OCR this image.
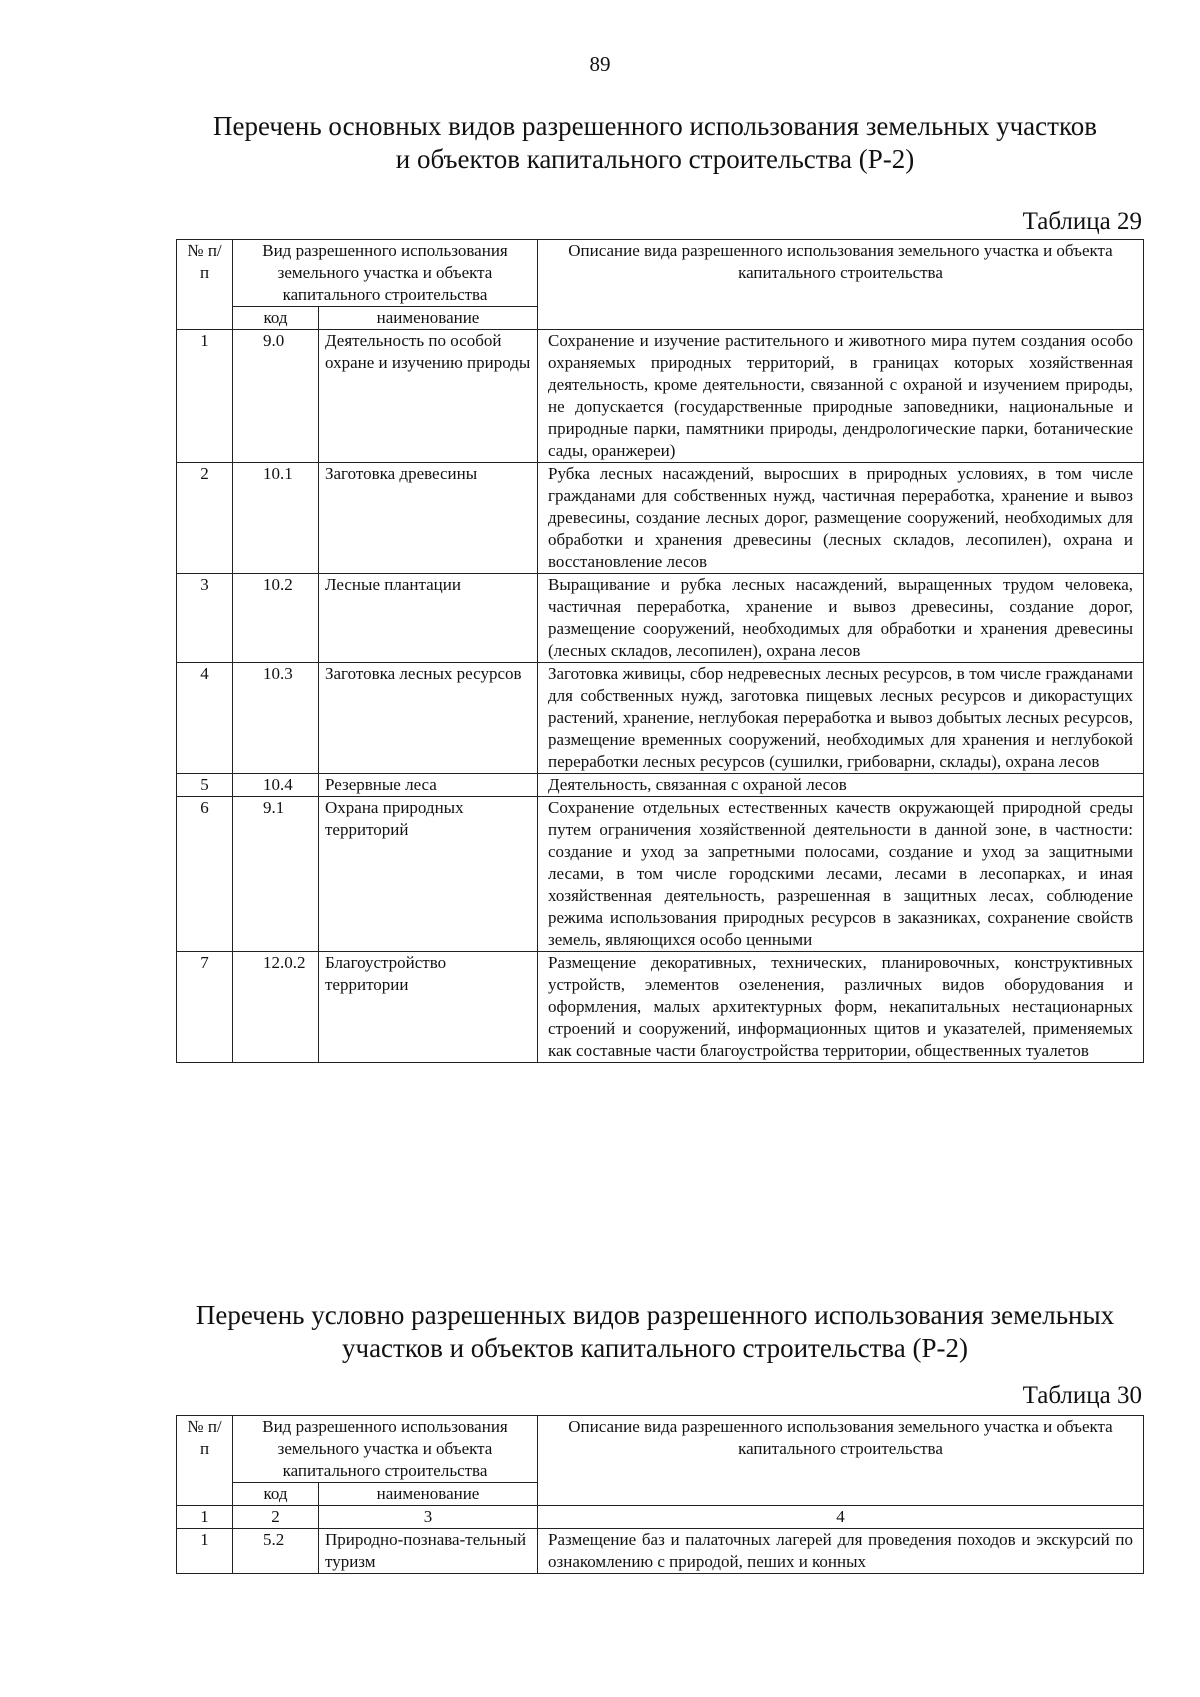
89
Перечень основных видов разрешенного использования земельных участков
и объектов капитального строительства (Р-2)
Таблица 29
№ п/п	Вид разрешенного использования земельного участка и объекта капитального строительства		Описание вида разрешенного использования земельного участка и объекта капитального строительства
	код	наименование	
1	9.0	Деятельность по особой охране и изучению природы	Сохранение и изучение растительного и животного мира путем создания особо охраняемых природных территорий, в границах которых хозяйственная деятельность, кроме деятельности, связанной с охраной и изучением природы, не допускается (государственные природные заповедники, национальные и природные парки, памятники природы, дендрологические парки, ботанические сады, оранжереи)
2	10.1	Заготовка древесины	Рубка лесных насаждений, выросших в природных условиях, в том числе гражданами для собственных нужд, частичная переработка, хранение и вывоз древесины, создание лесных дорог, размещение сооружений, необходимых для обработки и хранения древесины (лесных складов, лесопилен), охрана и восстановление лесов
3	10.2	Лесные плантации	Выращивание и рубка лесных насаждений, выращенных трудом человека, частичная переработка, хранение и вывоз древесины, создание дорог, размещение сооружений, необходимых для обработки и хранения древесины (лесных складов, лесопилен), охрана лесов
4	10.3	Заготовка лесных ресурсов	Заготовка живицы, сбор недревесных лесных ресурсов, в том числе гражданами для собственных нужд, заготовка пищевых лесных ресурсов и дикорастущих растений, хранение, неглубокая переработка и вывоз добытых лесных ресурсов, размещение временных сооружений, необходимых для хранения и неглубокой переработки лесных ресурсов (сушилки, грибоварни, склады), охрана лесов
5	10.4	Резервные леса	Деятельность, связанная с охраной лесов
6	9.1	Охрана природных территорий	Сохранение отдельных естественных качеств окружающей природной среды путем ограничения хозяйственной деятельности в данной зоне, в частности: создание и уход за запретными полосами, создание и уход за защитными лесами, в том числе городскими лесами, лесами в лесопарках, и иная хозяйственная деятельность, разрешенная в защитных лесах, соблюдение режима использования природных ресурсов в заказниках, сохранение свойств земель, являющихся особо ценными
7	12.0.2	Благоустройство территории	Размещение декоративных, технических, планировочных, конструктивных устройств, элементов озеленения, различных видов оборудования и оформления, малых архитектурных форм, некапитальных нестационарных строений и сооружений, информационных щитов и указателей, применяемых как составные части благоустройства территории, общественных туалетов
Перечень условно разрешенных видов разрешенного использования земельных
участков и объектов капитального строительства (Р-2)
Таблица 30
№ п/п	Вид разрешенного использования земельного участка и объекта капитального строительства		Описание вида разрешенного использования земельного участка и объекта капитального строительства
	код	наименование	
1	2	3	4
1	5.2	Природно-познава-тельный туризм	Размещение баз и палаточных лагерей для проведения походов и экскурсий по ознакомлению с природой, пеших и конных
